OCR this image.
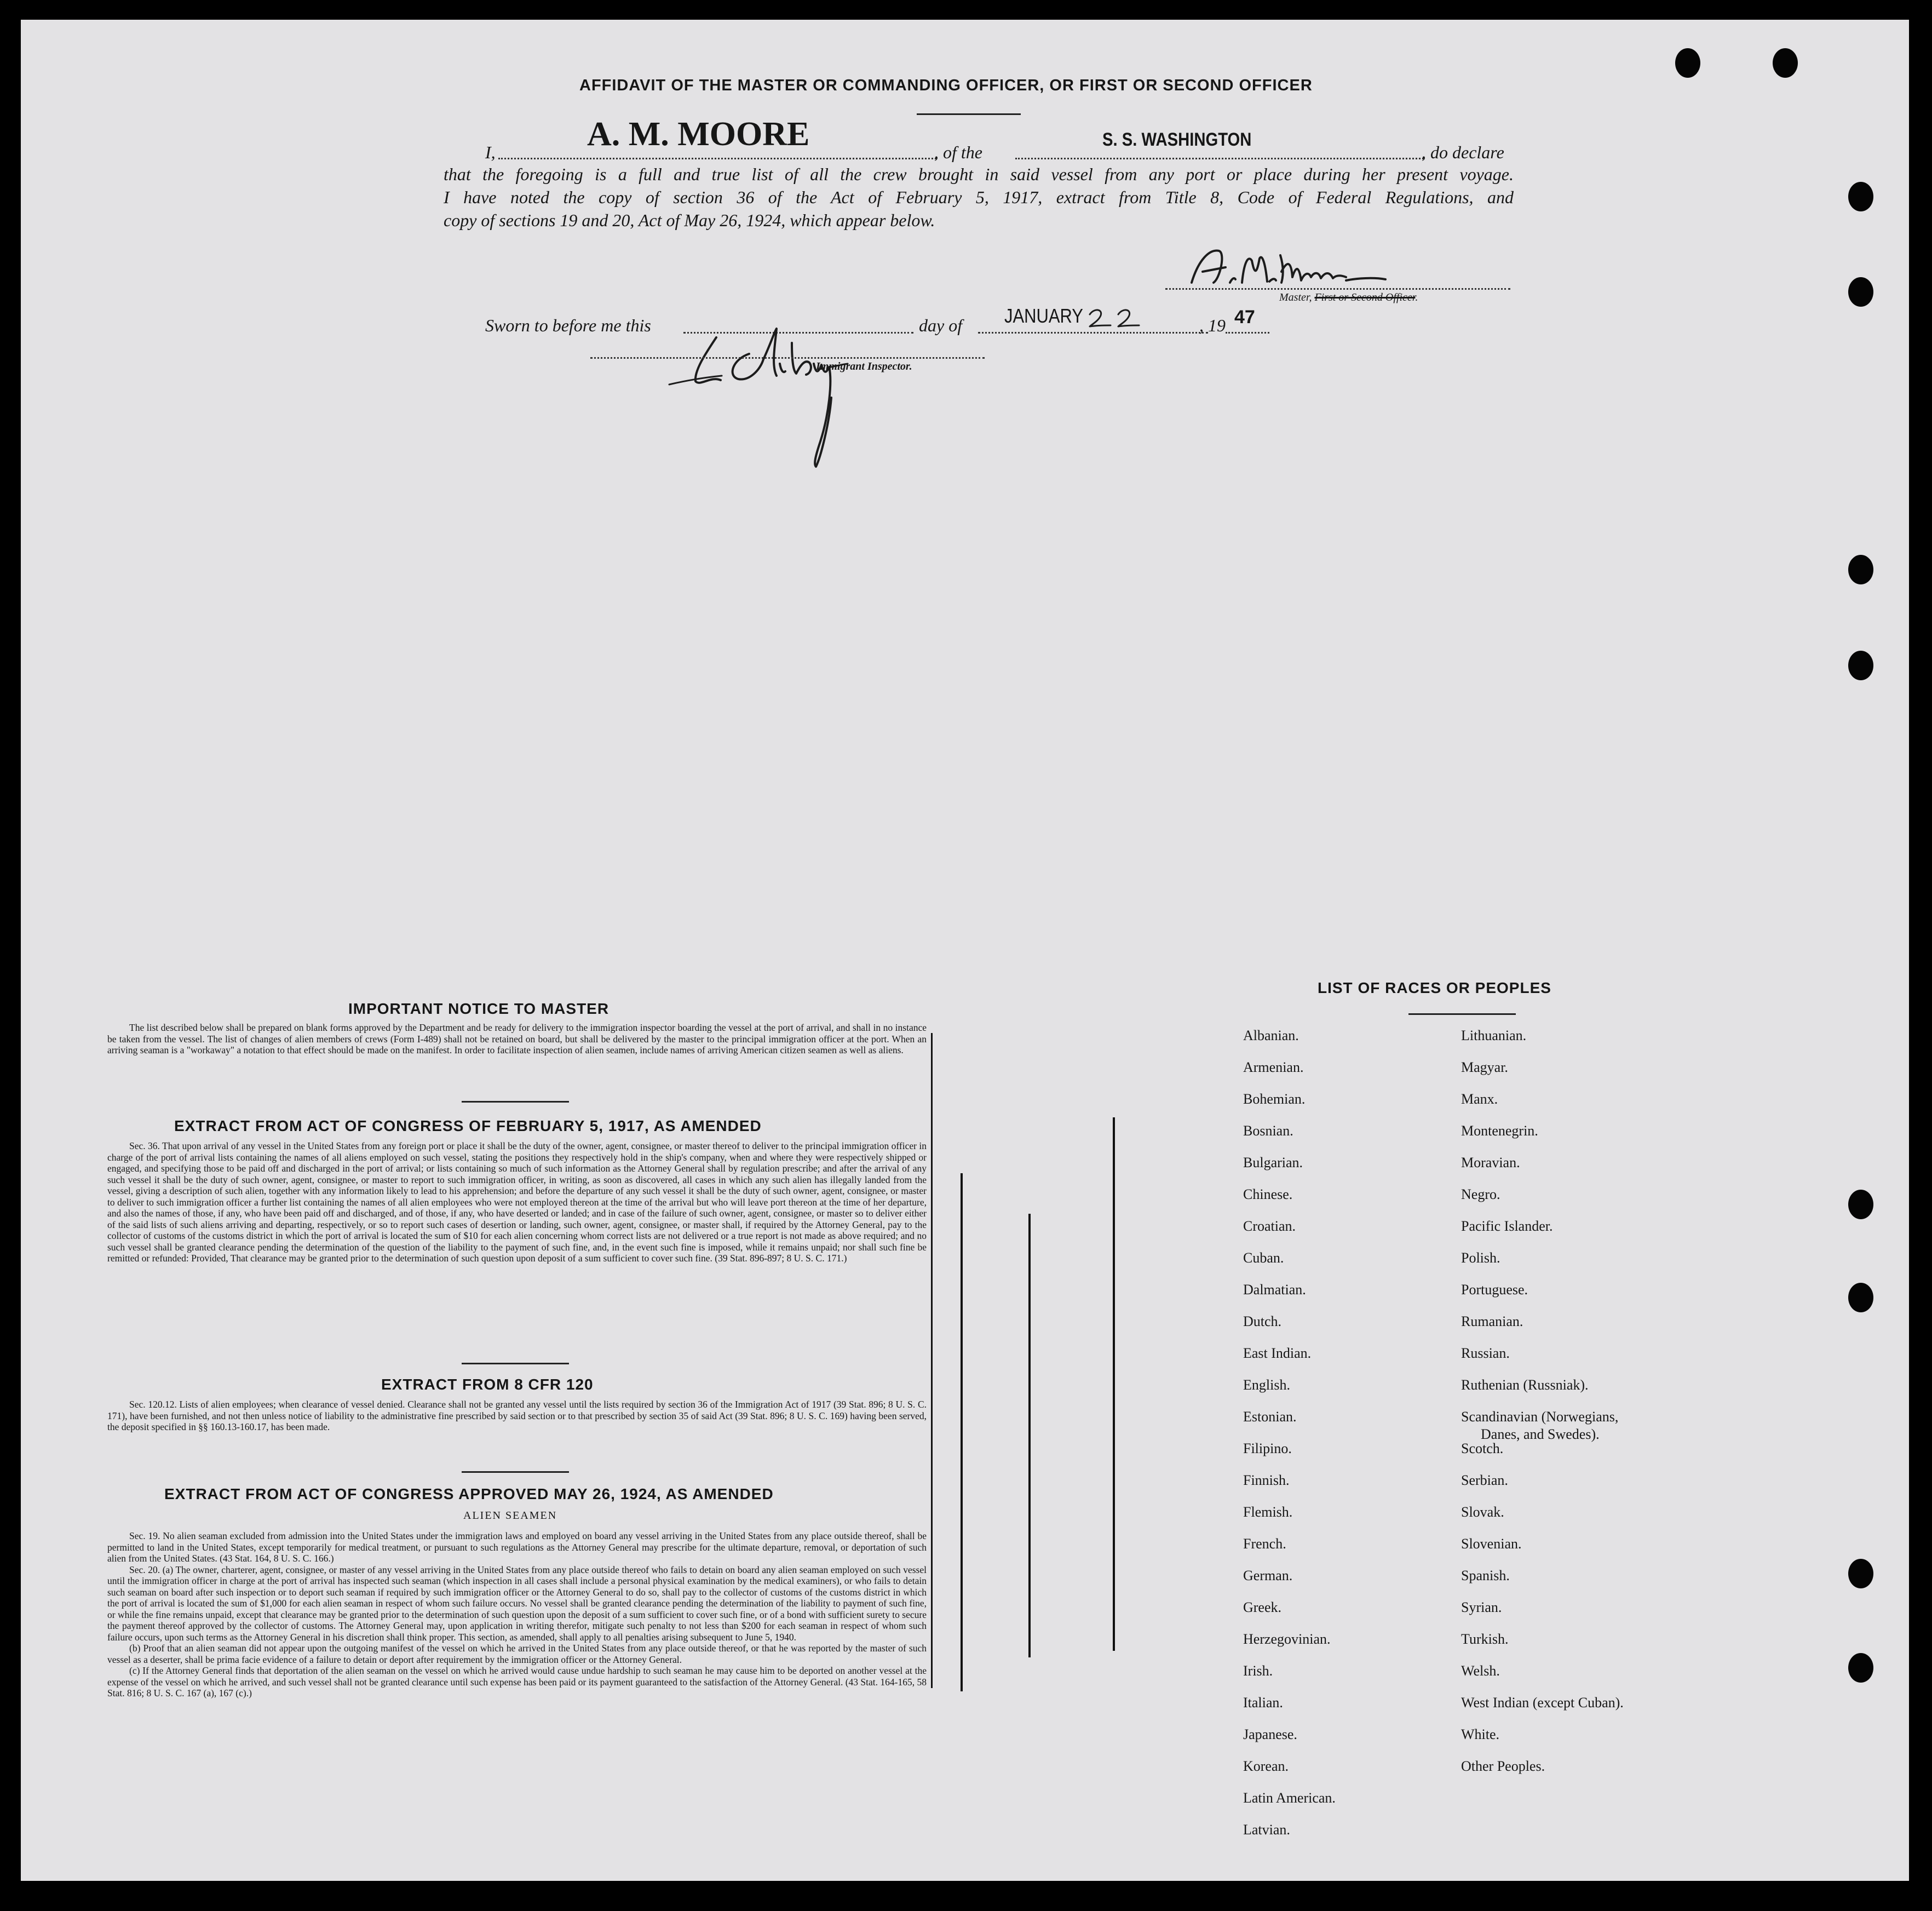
AFFIDAVIT OF THE MASTER OR COMMANDING OFFICER, OR FIRST OR SECOND OFFICER
I,	A. M. MOORE	, of the
S. S. WASHINGTON
, do declare
that the foregoing is a full and true list of all the crew brought in said vessel from any port or place during her present voyage.
I have noted the copy of section 36 of the Act of February 5, 1917, extract from Title 8, Code of Federal Regulations, and
copy of sections 19 and 20, Act of May 26, 1924, which appear below.
Master, First or Second Officer.
Sworn to before me this	day of JANUARY	, 19 47
Immigrant Inspector.
IMPORTANT NOTICE TO MASTER

The list described below shall be prepared on blank forms approved by the Department and be ready for delivery to the immigration inspector boarding the vessel at the port of arrival, and shall in no instance be taken from the vessel. The list of changes of alien members of crews (Form I-489) shall not be retained on board, but shall be delivered by the master to the principal immigration officer at the port. When an arriving seaman is a "workaway" a notation to that effect should be made on the manifest. In order to facilitate inspection of alien seamen, include names of arriving American citizen seamen as well as aliens.

EXTRACT FROM ACT OF CONGRESS OF FEBRUARY 5, 1917, AS AMENDED

Sec. 36. That upon arrival of any vessel in the United States from any foreign port or place it shall be the duty of the owner, agent, consignee, or master thereof to deliver to the principal immigration officer in charge of the port of arrival lists containing the names of all aliens employed on such vessel, stating the positions they respectively hold in the ship's company, when and where they were respectively shipped or engaged, and specifying those to be paid off and discharged in the port of arrival; or lists containing so much of such information as the Attorney General shall by regulation prescribe; and after the arrival of any such vessel it shall be the duty of such owner, agent, consignee, or master to report to such immigration officer, in writing, as soon as discovered, all cases in which any such alien has illegally landed from the vessel, giving a description of such alien, together with any information likely to lead to his apprehension; and before the departure of any such vessel it shall be the duty of such owner, agent, consignee, or master to deliver to such immigration officer a further list containing the names of all alien employees who were not employed thereon at the time of the arrival but who will leave port thereon at the time of her departure, and also the names of those, if any, who have been paid off and discharged, and of those, if any, who have deserted or landed; and in case of the failure of such owner, agent, consignee, or master so to deliver either of the said lists of such aliens arriving and departing, respectively, or so to report such cases of desertion or landing, such owner, agent, consignee, or master shall, if required by the Attorney General, pay to the collector of customs of the customs district in which the port of arrival is located the sum of $10 for each alien concerning whom correct lists are not delivered or a true report is not made as above required; and no such vessel shall be granted clearance pending the determination of the question of the liability to the payment of such fine, and, in the event such fine is imposed, while it remains unpaid; nor shall such fine be remitted or refunded: Provided, That clearance may be granted prior to the determination of such question upon deposit of a sum sufficient to cover such fine. (39 Stat. 896-897; 8 U. S. C. 171.)

EXTRACT FROM 8 CFR 120

Sec. 120.12. Lists of alien employees; when clearance of vessel denied. Clearance shall not be granted any vessel until the lists required by section 36 of the Immigration Act of 1917 (39 Stat. 896; 8 U. S. C. 171), have been furnished, and not then unless notice of liability to the administrative fine prescribed by said section or to that prescribed by section 35 of said Act (39 Stat. 896; 8 U. S. C. 169) having been served, the deposit specified in §§ 160.13-160.17, has been made.

EXTRACT FROM ACT OF CONGRESS APPROVED MAY 26, 1924, AS AMENDED
ALIEN SEAMEN

Sec. 19. No alien seaman excluded from admission into the United States under the immigration laws and employed on board any vessel arriving in the United States from any place outside thereof, shall be permitted to land in the United States, except temporarily for medical treatment, or pursuant to such regulations as the Attorney General may prescribe for the ultimate departure, removal, or deportation of such alien from the United States. (43 Stat. 164, 8 U. S. C. 166.)

Sec. 20. (a) The owner, charterer, agent, consignee, or master of any vessel arriving in the United States from any place outside thereof who fails to detain on board any alien seaman employed on such vessel until the immigration officer in charge at the port of arrival has inspected such seaman (which inspection in all cases shall include a personal physical examination by the medical examiners), or who fails to detain such seaman on board after such inspection or to deport such seaman if required by such immigration officer or the Attorney General to do so, shall pay to the collector of customs of the customs district in which the port of arrival is located the sum of $1,000 for each alien seaman in respect of whom such failure occurs. No vessel shall be granted clearance pending the determination of the liability to payment of such fine, or while the fine remains unpaid, except that clearance may be granted prior to the determination of such question upon the deposit of a sum sufficient to cover such fine, or of a bond with sufficient surety to secure the payment thereof approved by the collector of customs. The Attorney General may, upon application in writing therefor, mitigate such penalty to not less than $200 for each seaman in respect of whom such failure occurs, upon such terms as the Attorney General in his discretion shall think proper. This section, as amended, shall apply to all penalties arising subsequent to June 5, 1940.

(b) Proof that an alien seaman did not appear upon the outgoing manifest of the vessel on which he arrived in the United States from any place outside thereof, or that he was reported by the master of such vessel as a deserter, shall be prima facie evidence of a failure to detain or deport after requirement by the immigration officer or the Attorney General.

(c) If the Attorney General finds that deportation of the alien seaman on the vessel on which he arrived would cause undue hardship to such seaman he may cause him to be deported on another vessel at the expense of the vessel on which he arrived, and such vessel shall not be granted clearance until such expense has been paid or its payment guaranteed to the satisfaction of the Attorney General. (43 Stat. 164-165, 58 Stat. 816; 8 U. S. C. 167 (a), 167 (c).)

LIST OF RACES OR PEOPLES
Albanian.
Armenian.
Bohemian.
Bosnian.
Bulgarian.
Chinese.
Croatian.
Cuban.
Dalmatian.
Dutch.
East Indian.
English.
Estonian.
Filipino.
Finnish.
Flemish.
French.
German.
Greek.
Herzegovinian.
Irish.
Italian.
Japanese.
Korean.
Latin American.
Latvian.
Lithuanian.
Magyar.
Manx.
Montenegrin.
Moravian.
Negro.
Pacific Islander.
Polish.
Portuguese.
Rumanian.
Russian.
Ruthenian (Russniak).
Scandinavian (Norwegians,
Danes, and Swedes).
Scotch.
Serbian.
Slovak.
Slovenian.
Spanish.
Syrian.
Turkish.
Welsh.
West Indian (except Cuban).
White.
Other Peoples.
